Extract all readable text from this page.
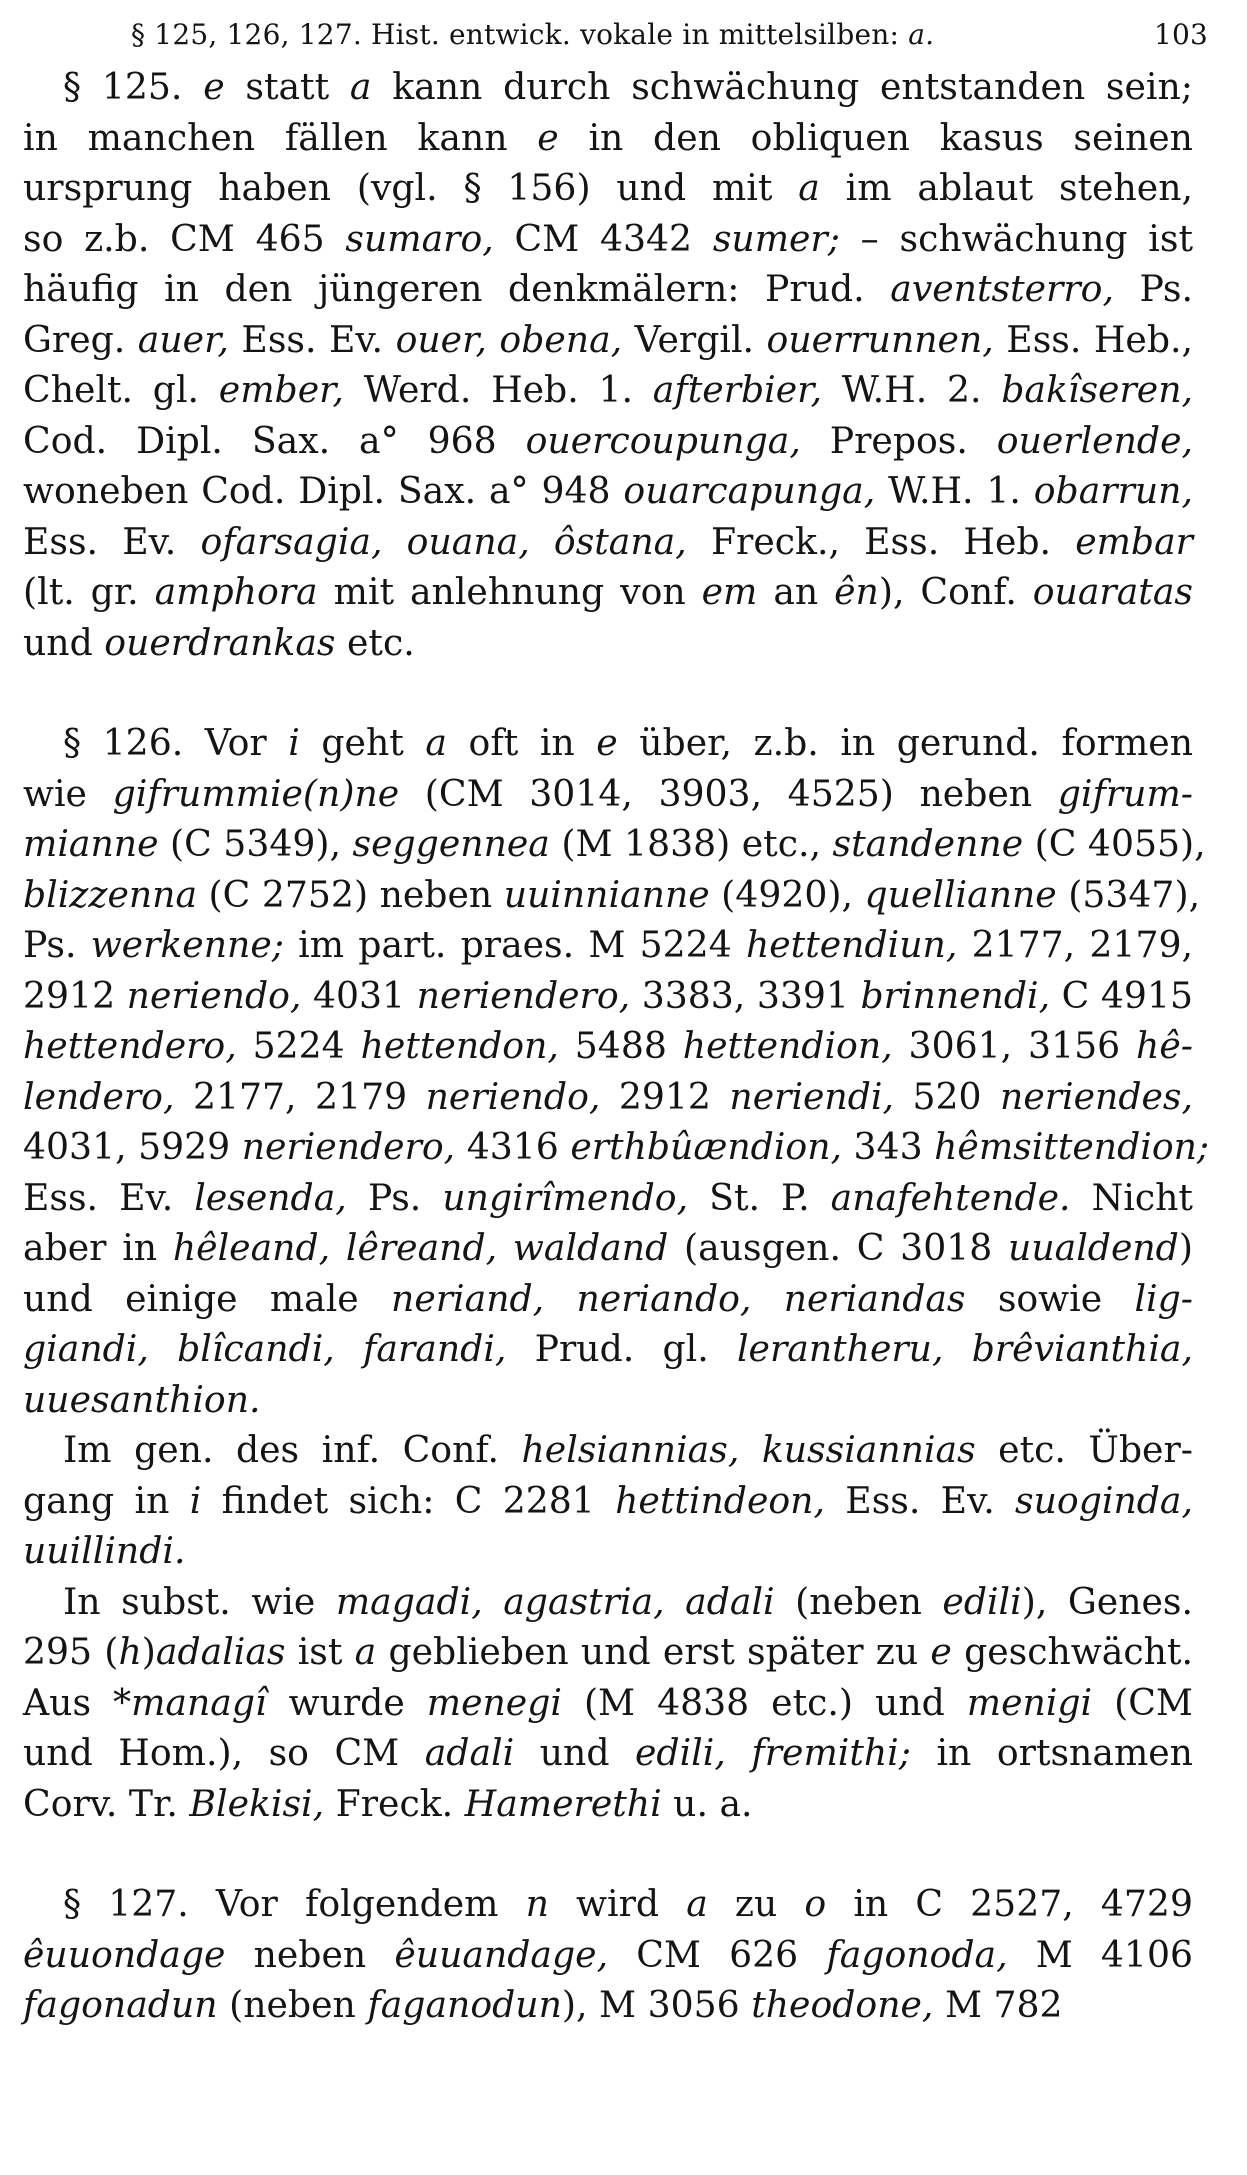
§ 125, 126, 127. Hist. entwick. vokale in mittelsilben: a.	103
§ 125. e statt a kann durch schwächung entstanden sein;
in manchen fällen kann e in den obliquen kasus seinen
ursprung haben (vgl. § 156) und mit a im ablaut stehen,
so z.b. CM 465 sumaro, CM 4342 sumer; – schwächung ist
häufig in den jüngeren denkmälern: Prud. aventsterro, Ps.
Greg. auer, Ess. Ev. ouer, obena, Vergil. ouerrunnen, Ess. Heb.,
Chelt. gl. ember, Werd. Heb. 1. afterbier, W.H. 2. bakîseren,
Cod. Dipl. Sax. a° 968 ouercoupunga, Prepos. ouerlende,
woneben Cod. Dipl. Sax. a° 948 ouarcapunga, W.H. 1. obarrun,
Ess. Ev. ofarsagia, ouana, ôstana, Freck., Ess. Heb. embar
(lt. gr. amphora mit anlehnung von em an ên), Conf. ouaratas
und ouerdrankas etc.
§ 126. Vor i geht a oft in e über, z.b. in gerund. formen
wie gifrummie(n)ne (CM 3014, 3903, 4525) neben gifrum-
mianne (C 5349), seggennea (M 1838) etc., standenne (C 4055),
blizzenna (C 2752) neben uuinnianne (4920), quellianne (5347),
Ps. werkenne; im part. praes. M 5224 hettendiun, 2177, 2179,
2912 neriendo, 4031 neriendero, 3383, 3391 brinnendi, C 4915
hettendero, 5224 hettendon, 5488 hettendion, 3061, 3156 hê-
lendero, 2177, 2179 neriendo, 2912 neriendi, 520 neriendes,
4031, 5929 neriendero, 4316 erthbûændion, 343 hêmsittendion;
Ess. Ev. lesenda, Ps. ungirîmendo, St. P. anafehtende. Nicht
aber in hêleand, lêreand, waldand (ausgen. C 3018 uualdend)
und einige male neriand, neriando, neriandas sowie lig-
giandi, blîcandi, farandi, Prud. gl. lerantheru, brêvianthia,
uuesanthion.
Im gen. des inf. Conf. helsiannias, kussiannias etc. Über-
gang in i findet sich: C 2281 hettindeon, Ess. Ev. suoginda,
uuillindi.
In subst. wie magadi, agastria, adali (neben edili), Genes.
295 (h)adalias ist a geblieben und erst später zu e geschwächt.
Aus *managî wurde menegi (M 4838 etc.) und menigi (CM
und Hom.), so CM adali und edili, fremithi; in ortsnamen
Corv. Tr. Blekisi, Freck. Hamerethi u. a.
§ 127. Vor folgendem n wird a zu o in C 2527, 4729
êuuondage neben êuuandage, CM 626 fagonoda, M 4106
fagonadun (neben faganodun), M 3056 theodone, M 782
